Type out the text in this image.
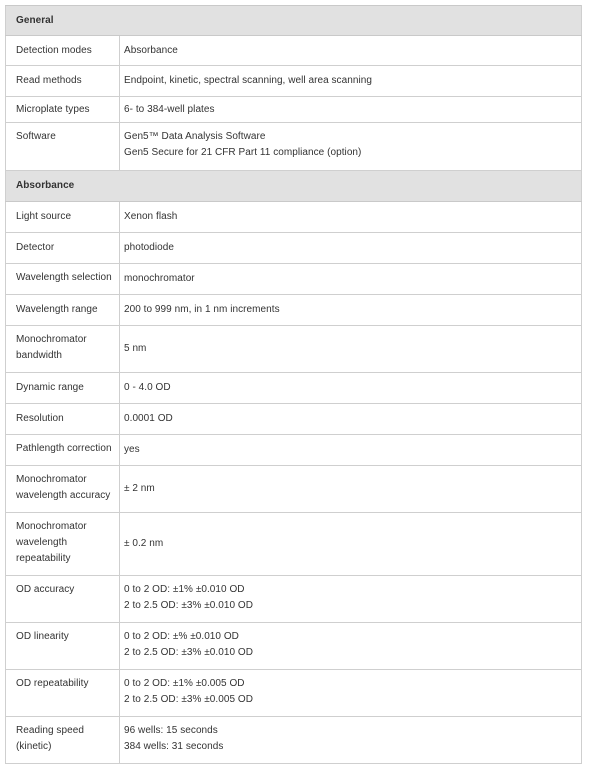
General	
Detection modes	Absorbance

Read methods	Endpoint, kinetic, spectral scanning, well area scanning

Microplate types	6- to 384-well plates

Software	Gen5™ Data Analysis Software
Gen5 Secure for 21 CFR Part 11 compliance (option)

Absorbance	
Light source	Xenon flash

Detector	photodiode

Wavelength selection	monochromator

Wavelength range	200 to 999 nm, in 1 nm increments

Monochromator bandwidth	5 nm

Dynamic range	0 - 4.0 OD

Resolution	0.0001 OD

Pathlength correction	yes

Monochromator wavelength accuracy	± 2 nm

Monochromator wavelength repeatability	± 0.2 nm

OD accuracy	0 to 2 OD: ±1% ±0.010 OD
2 to 2.5 OD: ±3% ±0.010 OD

OD linearity	0 to 2 OD: ±% ±0.010 OD
2 to 2.5 OD: ±3% ±0.010 OD

OD repeatability	0 to 2 OD: ±1% ±0.005 OD
2 to 2.5 OD: ±3% ±0.005 OD

Reading speed (kinetic)	96 wells: 15 seconds
384 wells: 31 seconds
